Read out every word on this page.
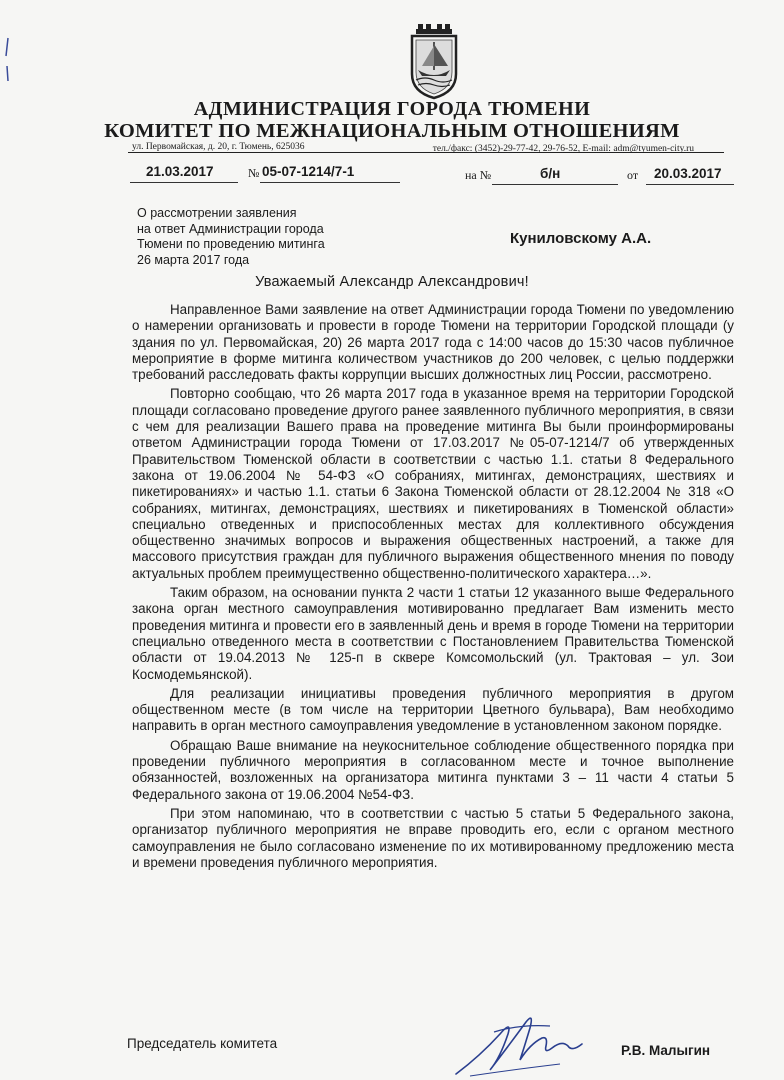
АДМИНИСТРАЦИЯ ГОРОДА ТЮМЕНИ
КОМИТЕТ ПО МЕЖНАЦИОНАЛЬНЫМ ОТНОШЕНИЯМ
ул. Первомайская, д. 20, г. Тюмень, 625036	тел./факс: (3452)-29-77-42, 29-76-52, E-mail: adm@tyumen-city.ru
21.03.2017	№ 05-07-1214/7-1	на №	б/н	от 20.03.2017
О рассмотрении заявления
на ответ Администрации города
Тюмени по проведению митинга
26 марта 2017 года
Куниловскому А.А.
Уважаемый Александр Александрович!

Направленное Вами заявление на ответ Администрации города Тюмени по уведомлению о намерении организовать и провести в городе Тюмени на территории Городской площади (у здания по ул. Первомайская, 20) 26 марта 2017 года с 14:00 часов до 15:30 часов публичное мероприятие в форме митинга количеством участников до 200 человек, с целью поддержки требований расследовать факты коррупции высших должностных лиц России, рассмотрено.

Повторно сообщаю, что 26 марта 2017 года в указанное время на территории Городской площади согласовано проведение другого ранее заявленного публичного мероприятия, в связи с чем для реализации Вашего права на проведение митинга Вы были проинформированы ответом Администрации города Тюмени от 17.03.2017 №05-07-1214/7 об утвержденных Правительством Тюменской области в соответствии с частью 1.1. статьи 8 Федерального закона от 19.06.2004 № 54-ФЗ «О собраниях, митингах, демонстрациях, шествиях и пикетированиях» и частью 1.1. статьи 6 Закона Тюменской области от 28.12.2004 № 318 «О собраниях, митингах, демонстрациях, шествиях и пикетированиях в Тюменской области» специально отведенных и приспособленных местах для коллективного обсуждения общественно значимых вопросов и выражения общественных настроений, а также для массового присутствия граждан для публичного выражения общественного мнения по поводу актуальных проблем преимущественно общественно-политического характера…».

Таким образом, на основании пункта 2 части 1 статьи 12 указанного выше Федерального закона орган местного самоуправления мотивированно предлагает Вам изменить место проведения митинга и провести его в заявленный день и время в городе Тюмени на территории специально отведенного места в соответствии с Постановлением Правительства Тюменской области от 19.04.2013 № 125-п в сквере Комсомольский (ул. Трактовая – ул. Зои Космодемьянской).

Для реализации инициативы проведения публичного мероприятия в другом общественном месте (в том числе на территории Цветного бульвара), Вам необходимо направить в орган местного самоуправления уведомление в установленном законом порядке.

Обращаю Ваше внимание на неукоснительное соблюдение общественного порядка при проведении публичного мероприятия в согласованном месте и точное выполнение обязанностей, возложенных на организатора митинга пунктами 3 – 11 части 4 статьи 5 Федерального закона от 19.06.2004 №54-ФЗ.

При этом напоминаю, что в соответствии с частью 5 статьи 5 Федерального закона, организатор публичного мероприятия не вправе проводить его, если с органом местного самоуправления не было согласовано изменение по их мотивированному предложению места и времени проведения публичного мероприятия.

Председатель комитета	Р.В. Малыгин
